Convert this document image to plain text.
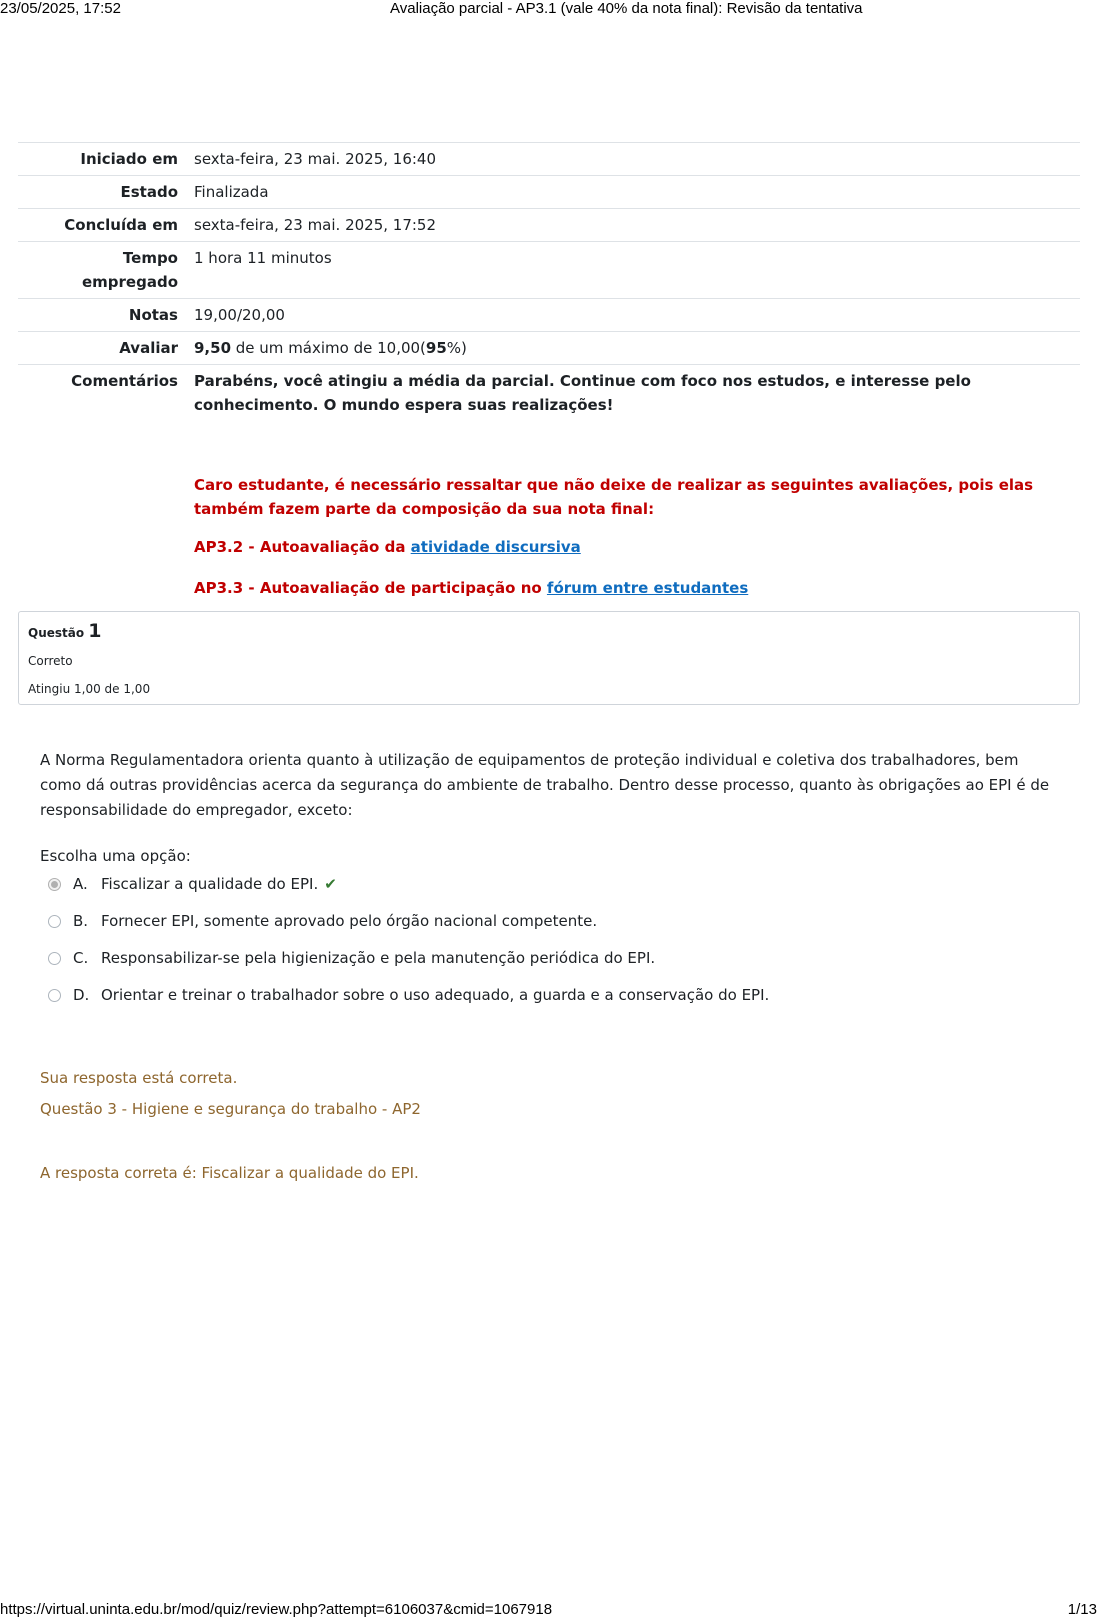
23/05/2025, 17:52	Avaliação parcial - AP3.1 (vale 40% da nota final): Revisão da tentativa
Iniciado em	sexta-feira, 23 mai. 2025, 16:40
Estado	Finalizada
Concluída em	sexta-feira, 23 mai. 2025, 17:52
Tempo
empregado	1 hora 11 minutos
Notas	19,00/20,00
Avaliar	9,50 de um máximo de 10,00(95%)
Comentários	Parabéns, você atingiu a média da parcial. Continue com foco nos estudos, e interesse pelo conhecimento. O mundo espera suas realizações!
Caro estudante, é necessário ressaltar que não deixe de realizar as seguintes avaliações, pois elas também fazem parte da composição da sua nota final:
AP3.2 - Autoavaliação da atividade discursiva
AP3.3 - Autoavaliação de participação no fórum entre estudantes
Questão 1
Correto
Atingiu 1,00 de 1,00
A Norma Regulamentadora orienta quanto à utilização de equipamentos de proteção individual e coletiva dos trabalhadores, bem como dá outras providências acerca da segurança do ambiente de trabalho. Dentro desse processo, quanto às obrigações ao EPI é de responsabilidade do empregador, exceto:
Escolha uma opção:
A. Fiscalizar a qualidade do EPI. ✔
B. Fornecer EPI, somente aprovado pelo órgão nacional competente.
C. Responsabilizar-se pela higienização e pela manutenção periódica do EPI.
D. Orientar e treinar o trabalhador sobre o uso adequado, a guarda e a conservação do EPI.
Sua resposta está correta.
Questão 3 - Higiene e segurança do trabalho - AP2
A resposta correta é: Fiscalizar a qualidade do EPI.
https://virtual.uninta.edu.br/mod/quiz/review.php?attempt=6106037&cmid=1067918	1/13
